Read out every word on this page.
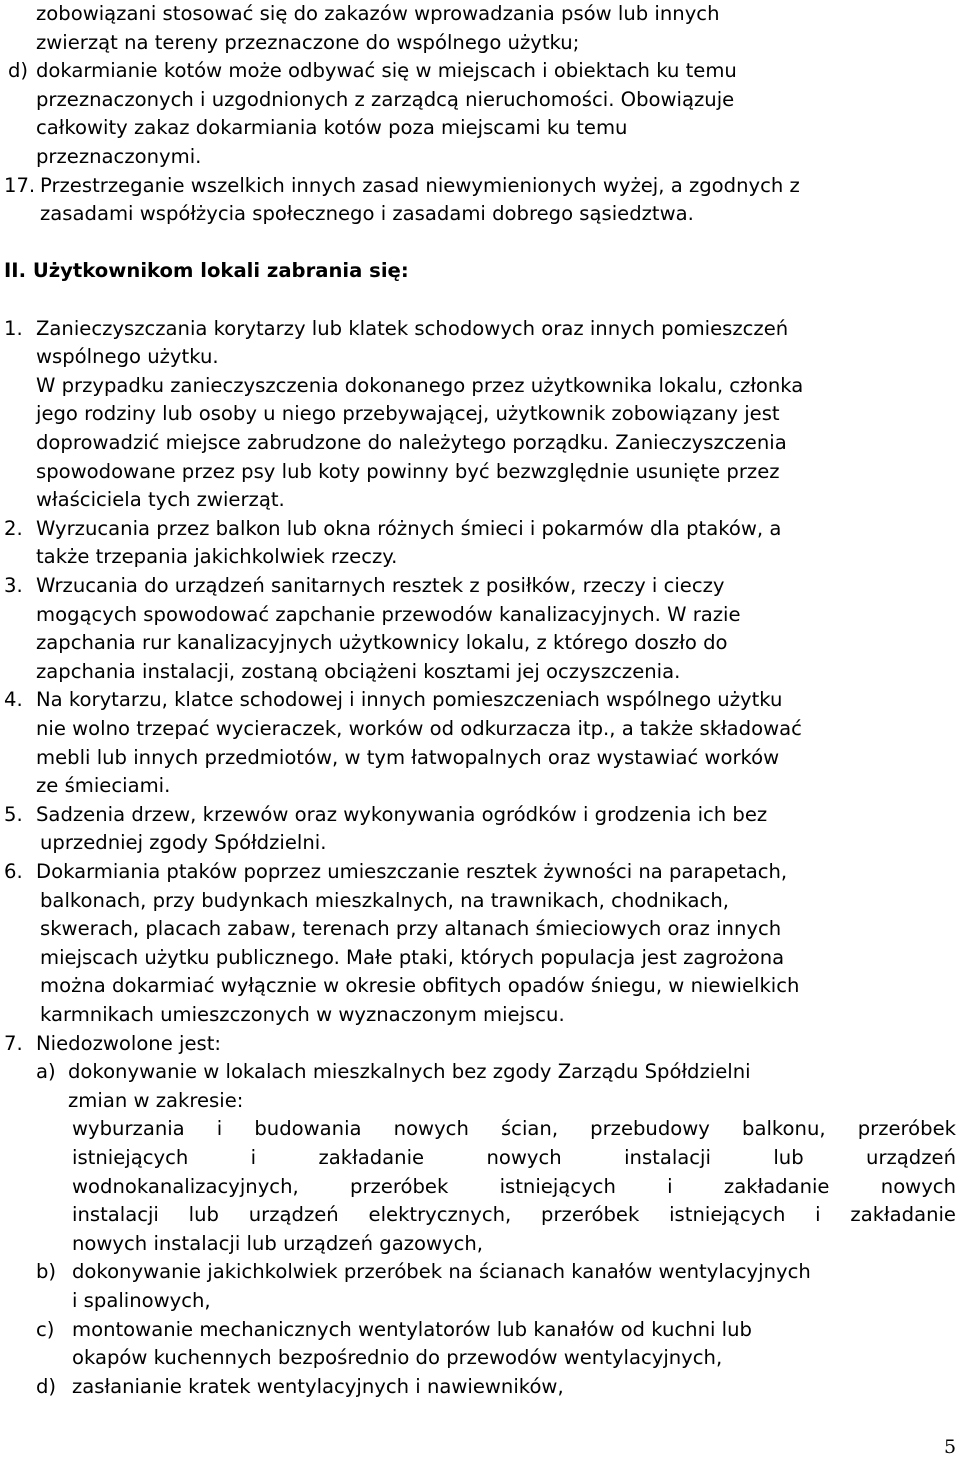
zobowiązani stosować się do zakazów wprowadzania psów lub innych
zwierząt na tereny przeznaczone do wspólnego użytku;
d) dokarmianie kotów może odbywać się w miejscach i obiektach ku temu
przeznaczonych i uzgodnionych z zarządcą nieruchomości. Obowiązuje
całkowity zakaz dokarmiania kotów poza miejscami ku temu
przeznaczonymi.
17. Przestrzeganie wszelkich innych zasad niewymienionych wyżej, a zgodnych z
zasadami współżycia społecznego i zasadami dobrego sąsiedztwa.
II. Użytkownikom lokali zabrania się:
1. Zanieczyszczania korytarzy lub klatek schodowych oraz innych pomieszczeń
wspólnego użytku.
W przypadku zanieczyszczenia dokonanego przez użytkownika lokalu, członka
jego rodziny lub osoby u niego przebywającej, użytkownik zobowiązany jest
doprowadzić miejsce zabrudzone do należytego porządku. Zanieczyszczenia
spowodowane przez psy lub koty powinny być bezwzględnie usunięte przez
właściciela tych zwierząt.
2. Wyrzucania przez balkon lub okna różnych śmieci i pokarmów dla ptaków, a
także trzepania jakichkolwiek rzeczy.
3. Wrzucania do urządzeń sanitarnych resztek z posiłków, rzeczy i cieczy
mogących spowodować zapchanie przewodów kanalizacyjnych. W razie
zapchania rur kanalizacyjnych użytkownicy lokalu, z którego doszło do
zapchania instalacji, zostaną obciążeni kosztami jej oczyszczenia.
4. Na korytarzu, klatce schodowej i innych pomieszczeniach wspólnego użytku
nie wolno trzepać wycieraczek, worków od odkurzacza itp., a także składować
mebli lub innych przedmiotów, w tym łatwopalnych oraz wystawiać worków
ze śmieciami.
5. Sadzenia drzew, krzewów oraz wykonywania ogródków i grodzenia ich bez
uprzedniej zgody Spółdzielni.
6. Dokarmiania ptaków poprzez umieszczanie resztek żywności na parapetach,
balkonach, przy budynkach mieszkalnych, na trawnikach, chodnikach,
skwerach, placach zabaw, terenach przy altanach śmieciowych oraz innych
miejscach użytku publicznego. Małe ptaki, których populacja jest zagrożona
można dokarmiać wyłącznie w okresie obfitych opadów śniegu, w niewielkich
karmnikach umieszczonych w wyznaczonym miejscu.
7. Niedozwolone jest:
a) dokonywanie w lokalach mieszkalnych bez zgody Zarządu Spółdzielni
zmian w zakresie:
wyburzania i budowania nowych ścian, przebudowy balkonu, przeróbek
istniejących i zakładanie nowych instalacji lub urządzeń
wodnokanalizacyjnych, przeróbek istniejących i zakładanie nowych
instalacji lub urządzeń elektrycznych, przeróbek istniejących i zakładanie
nowych instalacji lub urządzeń gazowych,
b) dokonywanie jakichkolwiek przeróbek na ścianach kanałów wentylacyjnych
i spalinowych,
c) montowanie mechanicznych wentylatorów lub kanałów od kuchni lub
okapów kuchennych bezpośrednio do przewodów wentylacyjnych,
d) zasłanianie kratek wentylacyjnych i nawiewników,
5
